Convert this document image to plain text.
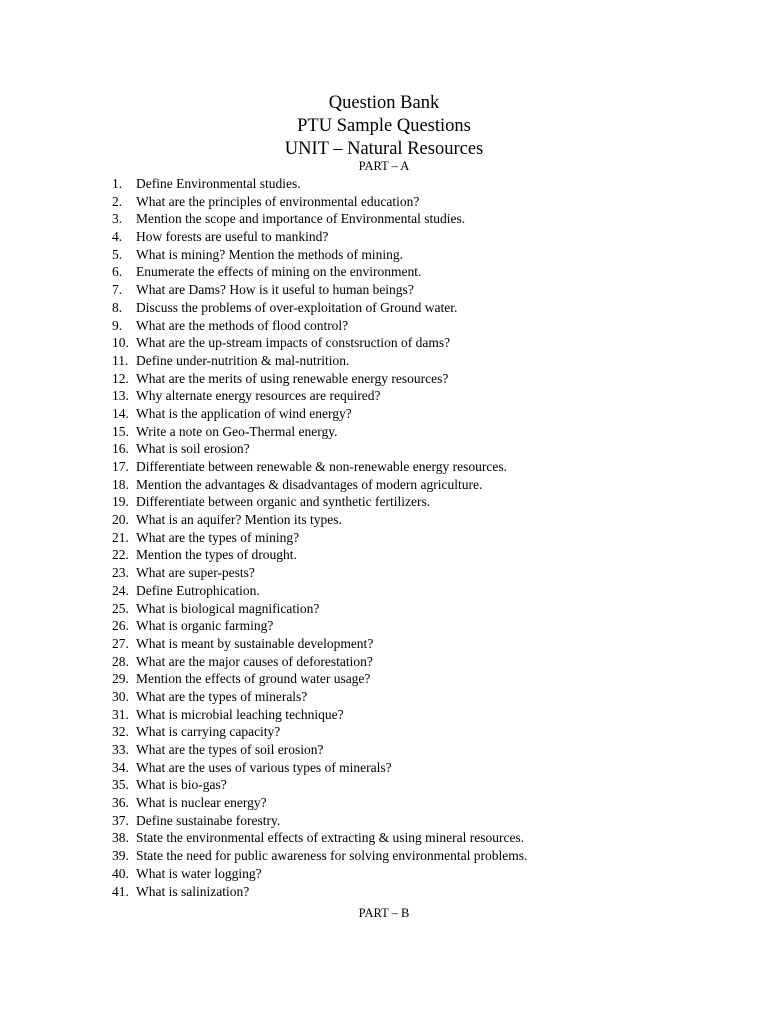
Question Bank

PTU Sample Questions

UNIT – Natural Resources

PART – A

1.	Define Environmental studies.
2.	What are the principles of environmental education?
3.	Mention the scope and importance of Environmental studies.
4.	How forests are useful to mankind?
5.	What is mining? Mention the methods of mining.
6.	Enumerate the effects of mining on the environment.
7.	What are Dams? How is it useful to human beings?
8.	Discuss the problems of over-exploitation of Ground water.
9.	What are the methods of flood control?
10. What are the up-stream impacts of constsruction of dams?
11. Define under-nutrition & mal-nutrition.
12. What are the merits of using renewable energy resources?
13. Why alternate energy resources are required?
14. What is the application of wind energy?
15. Write a note on Geo-Thermal energy.
16. What is soil erosion?
17. Differentiate between renewable & non-renewable energy resources.
18. Mention the advantages & disadvantages of modern agriculture.
19. Differentiate between organic and synthetic fertilizers.
20. What is an aquifer? Mention its types.
21. What are the types of mining?
22. Mention the types of drought.
23. What are super-pests?
24. Define Eutrophication.
25. What is biological magnification?
26. What is organic farming?
27. What is meant by sustainable development?
28. What are the major causes of deforestation?
29. Mention the effects of ground water usage?
30. What are the types of minerals?
31. What is microbial leaching technique?
32. What is carrying capacity?
33. What are the types of soil erosion?
34. What are the uses of various types of minerals?
35. What is bio-gas?
36. What is nuclear energy?
37. Define sustainabe forestry.
38. State the environmental effects of extracting & using mineral resources.
39. State the need for public awareness for solving environmental problems.
40. What is water logging?
41. What is salinization?

PART – B
